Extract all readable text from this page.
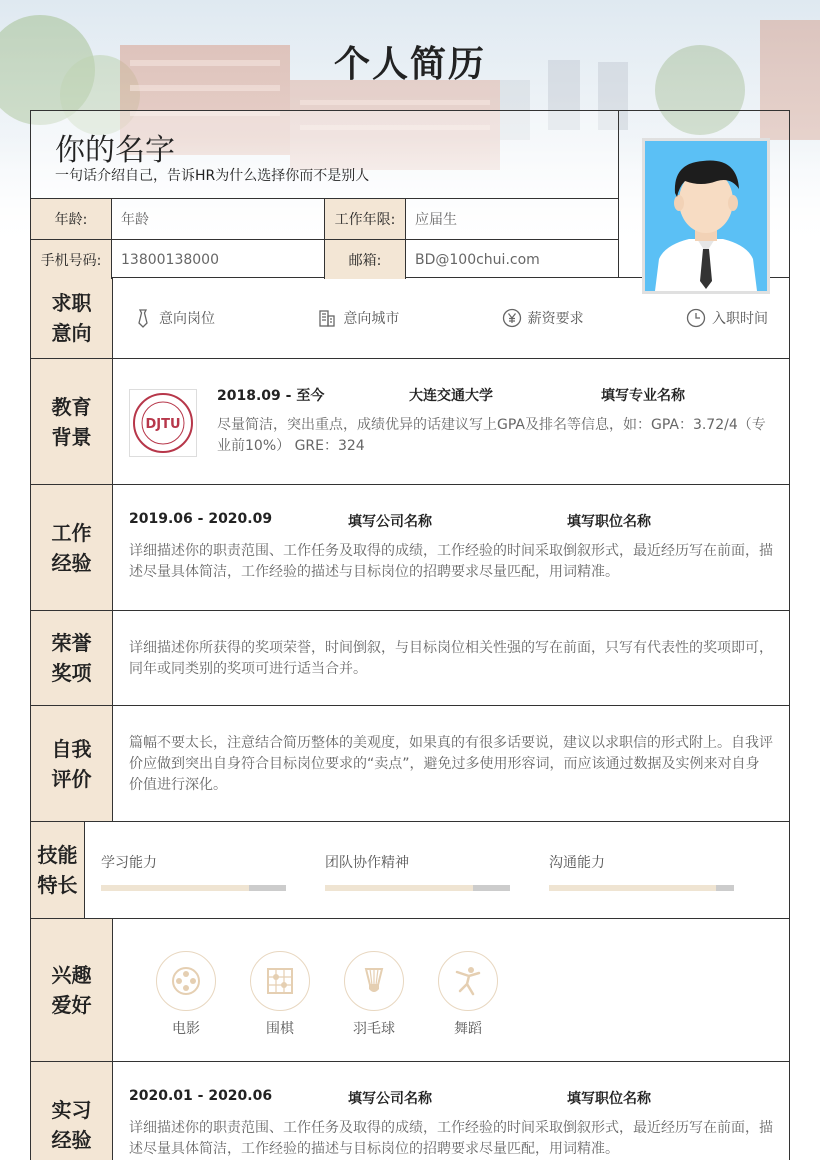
个人简历
你的名字
一句话介绍自己，告诉HR为什么选择你而不是别人
年龄:	年龄	工作年限:	应届生
手机号码:	13800138000	邮箱:	BD@100chui.com
求职意向
意向岗位	意向城市	薪资要求	入职时间
教育背景	DJTU
2018.09 - 至今	大连交通大学	填写专业名称
尽量简洁，突出重点，成绩优异的话建议写上GPA及排名等信息，如：GPA：3.72/4（专业前10%） GRE：324
工作经验
2019.06 - 2020.09	填写公司名称	填写职位名称
详细描述你的职责范围、工作任务及取得的成绩，工作经验的时间采取倒叙形式，最近经历写在前面，描述尽量具体简洁，工作经验的描述与目标岗位的招聘要求尽量匹配，用词精准。
荣誉奖项
详细描述你所获得的奖项荣誉，时间倒叙，与目标岗位相关性强的写在前面，只写有代表性的奖项即可，同年或同类别的奖项可进行适当合并。
自我评价
篇幅不要太长，注意结合简历整体的美观度，如果真的有很多话要说，建议以求职信的形式附上。自我评价应做到突出自身符合目标岗位要求的“卖点”，避免过多使用形容词，而应该通过数据及实例来对自身价值进行深化。
技能特长
学习能力	团队协作精神	沟通能力
兴趣爱好
电影	围棋	羽毛球	舞蹈
实习经验
2020.01 - 2020.06	填写公司名称	填写职位名称
详细描述你的职责范围、工作任务及取得的成绩，工作经验的时间采取倒叙形式，最近经历写在前面，描述尽量具体简洁，工作经验的描述与目标岗位的招聘要求尽量匹配，用词精准。
